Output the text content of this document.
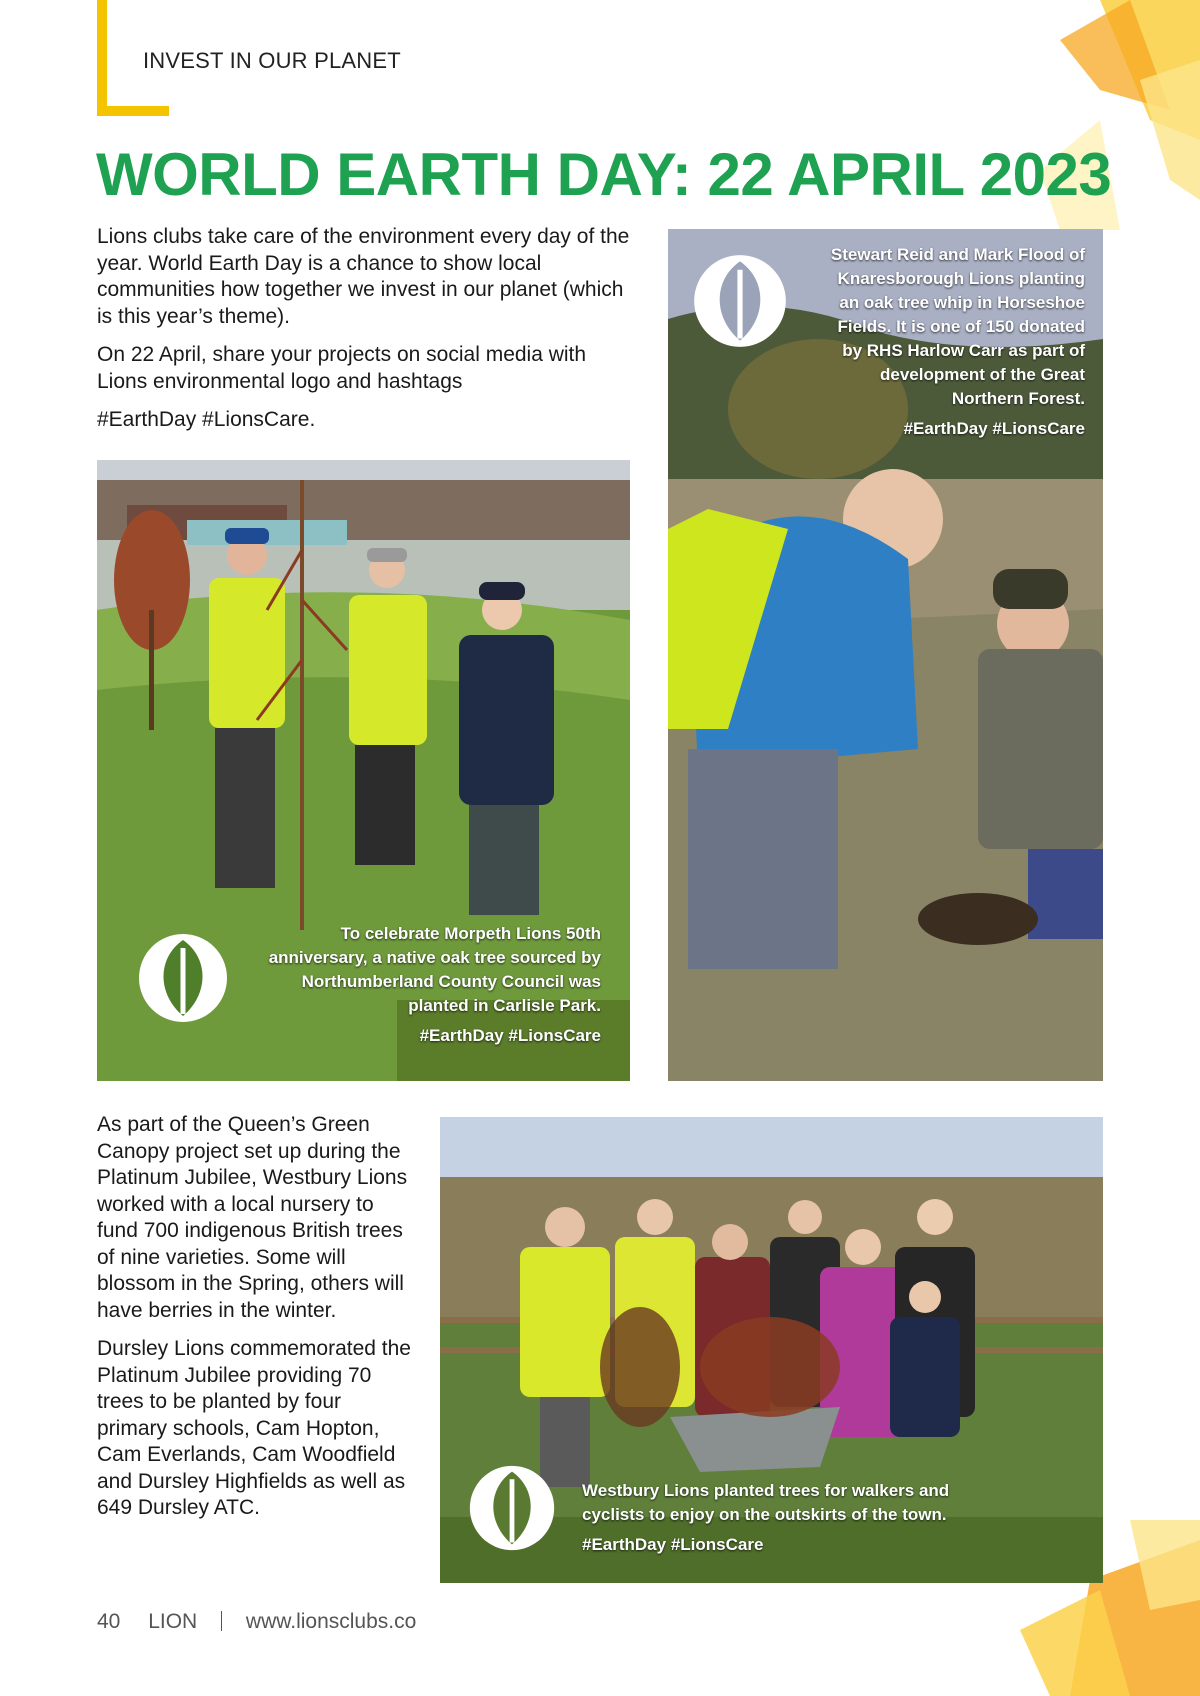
INVEST IN OUR PLANET
WORLD EARTH DAY: 22 APRIL 2023

Lions clubs take care of the environment every day of the year. World Earth Day is a chance to show local communities how together we invest in our planet (which is this year’s theme).

On 22 April, share your projects on social media with Lions environmental logo and hashtags

#EarthDay #LionsCare.

To celebrate Morpeth Lions 50th anniversary, a native oak tree sourced by Northumberland County Council was planted in Carlisle Park.
#EarthDay #LionsCare
Stewart Reid and Mark Flood of Knaresborough Lions planting an oak tree whip in Horseshoe Fields. It is one of 150 donated by RHS Harlow Carr as part of development of the Great Northern Forest.
#EarthDay #LionsCare

As part of the Queen’s Green Canopy project set up during the Platinum Jubilee, Westbury Lions worked with a local nursery to fund 700 indigenous British trees of nine varieties. Some will blossom in the Spring, others will have berries in the winter.

Dursley Lions commemorated the Platinum Jubilee providing 70 trees to be planted by four primary schools, Cam Hopton, Cam Everlands, Cam Woodfield and Dursley Highfields as well as 649 Dursley ATC.

Westbury Lions planted trees for walkers and cyclists to enjoy on the outskirts of the town.
#EarthDay #LionsCare
40 LION www.lionsclubs.co
